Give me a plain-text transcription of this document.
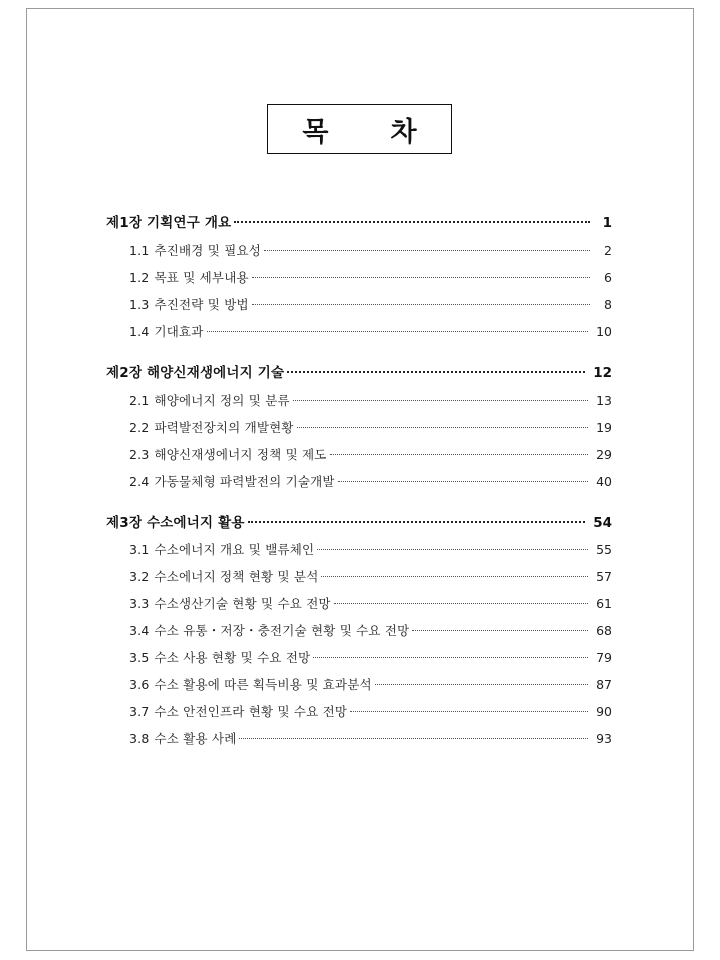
목 차
제1장 기획연구 개요	1
1.1 추진배경 및 필요성	2
1.2 목표 및 세부내용	6
1.3 추진전략 및 방법	8
1.4 기대효과	10
제2장 해양신재생에너지 기술	12
2.1 해양에너지 정의 및 분류	13
2.2 파력발전장치의 개발현황	19
2.3 해양신재생에너지 정책 및 제도	29
2.4 가동물체형 파력발전의 기술개발	40
제3장 수소에너지 활용	54
3.1 수소에너지 개요 및 밸류체인	55
3.2 수소에너지 정책 현황 및 분석	57
3.3 수소생산기술 현황 및 수요 전망	61
3.4 수소 유통・저장・충전기술 현황 및 수요 전망	68
3.5 수소 사용 현황 및 수요 전망	79
3.6 수소 활용에 따른 획득비용 및 효과분석	87
3.7 수소 안전인프라 현황 및 수요 전망	90
3.8 수소 활용 사례	93
